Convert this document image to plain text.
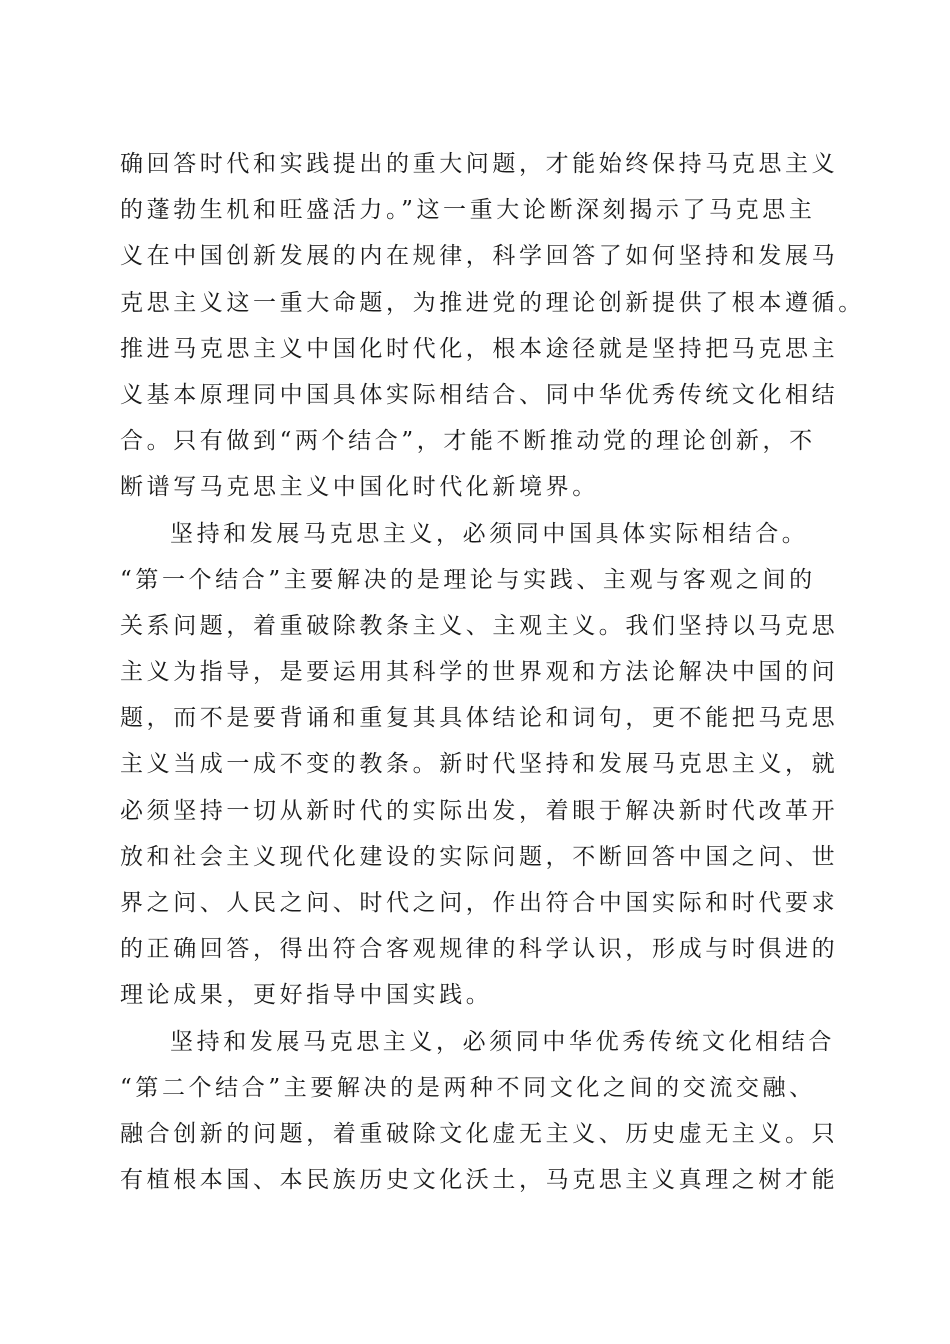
确回答时代和实践提出的重大问题，才能始终保持马克思主义
的蓬勃生机和旺盛活力。”这一重大论断深刻揭示了马克思主
义在中国创新发展的内在规律，科学回答了如何坚持和发展马
克思主义这一重大命题，为推进党的理论创新提供了根本遵循。
推进马克思主义中国化时代化，根本途径就是坚持把马克思主
义基本原理同中国具体实际相结合、同中华优秀传统文化相结
合。只有做到“两个结合”，才能不断推动党的理论创新，不
断谱写马克思主义中国化时代化新境界。
坚持和发展马克思主义，必须同中国具体实际相结合。
“第一个结合”主要解决的是理论与实践、主观与客观之间的
关系问题，着重破除教条主义、主观主义。我们坚持以马克思
主义为指导，是要运用其科学的世界观和方法论解决中国的问
题，而不是要背诵和重复其具体结论和词句，更不能把马克思
主义当成一成不变的教条。新时代坚持和发展马克思主义，就
必须坚持一切从新时代的实际出发，着眼于解决新时代改革开
放和社会主义现代化建设的实际问题，不断回答中国之问、世
界之问、人民之问、时代之问，作出符合中国实际和时代要求
的正确回答，得出符合客观规律的科学认识，形成与时俱进的
理论成果，更好指导中国实践。
坚持和发展马克思主义，必须同中华优秀传统文化相结合
“第二个结合”主要解决的是两种不同文化之间的交流交融、
融合创新的问题，着重破除文化虚无主义、历史虚无主义。只
有植根本国、本民族历史文化沃土，马克思主义真理之树才能
